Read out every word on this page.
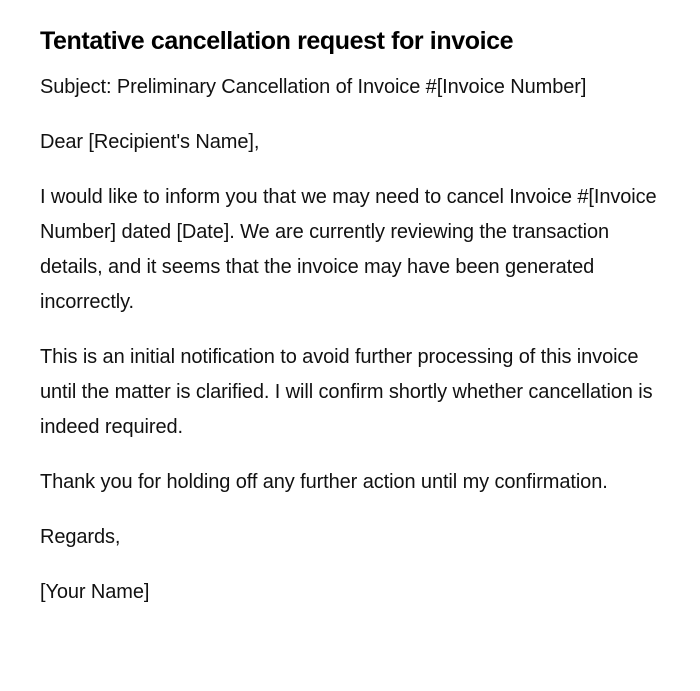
Tentative cancellation request for invoice
Subject: Preliminary Cancellation of Invoice #[Invoice Number]

Dear [Recipient's Name],

I would like to inform you that we may need to cancel Invoice #[Invoice Number] dated [Date]. We are currently reviewing the transaction details, and it seems that the invoice may have been generated incorrectly.

This is an initial notification to avoid further processing of this invoice until the matter is clarified. I will confirm shortly whether cancellation is indeed required.

Thank you for holding off any further action until my confirmation.

Regards,

[Your Name]
